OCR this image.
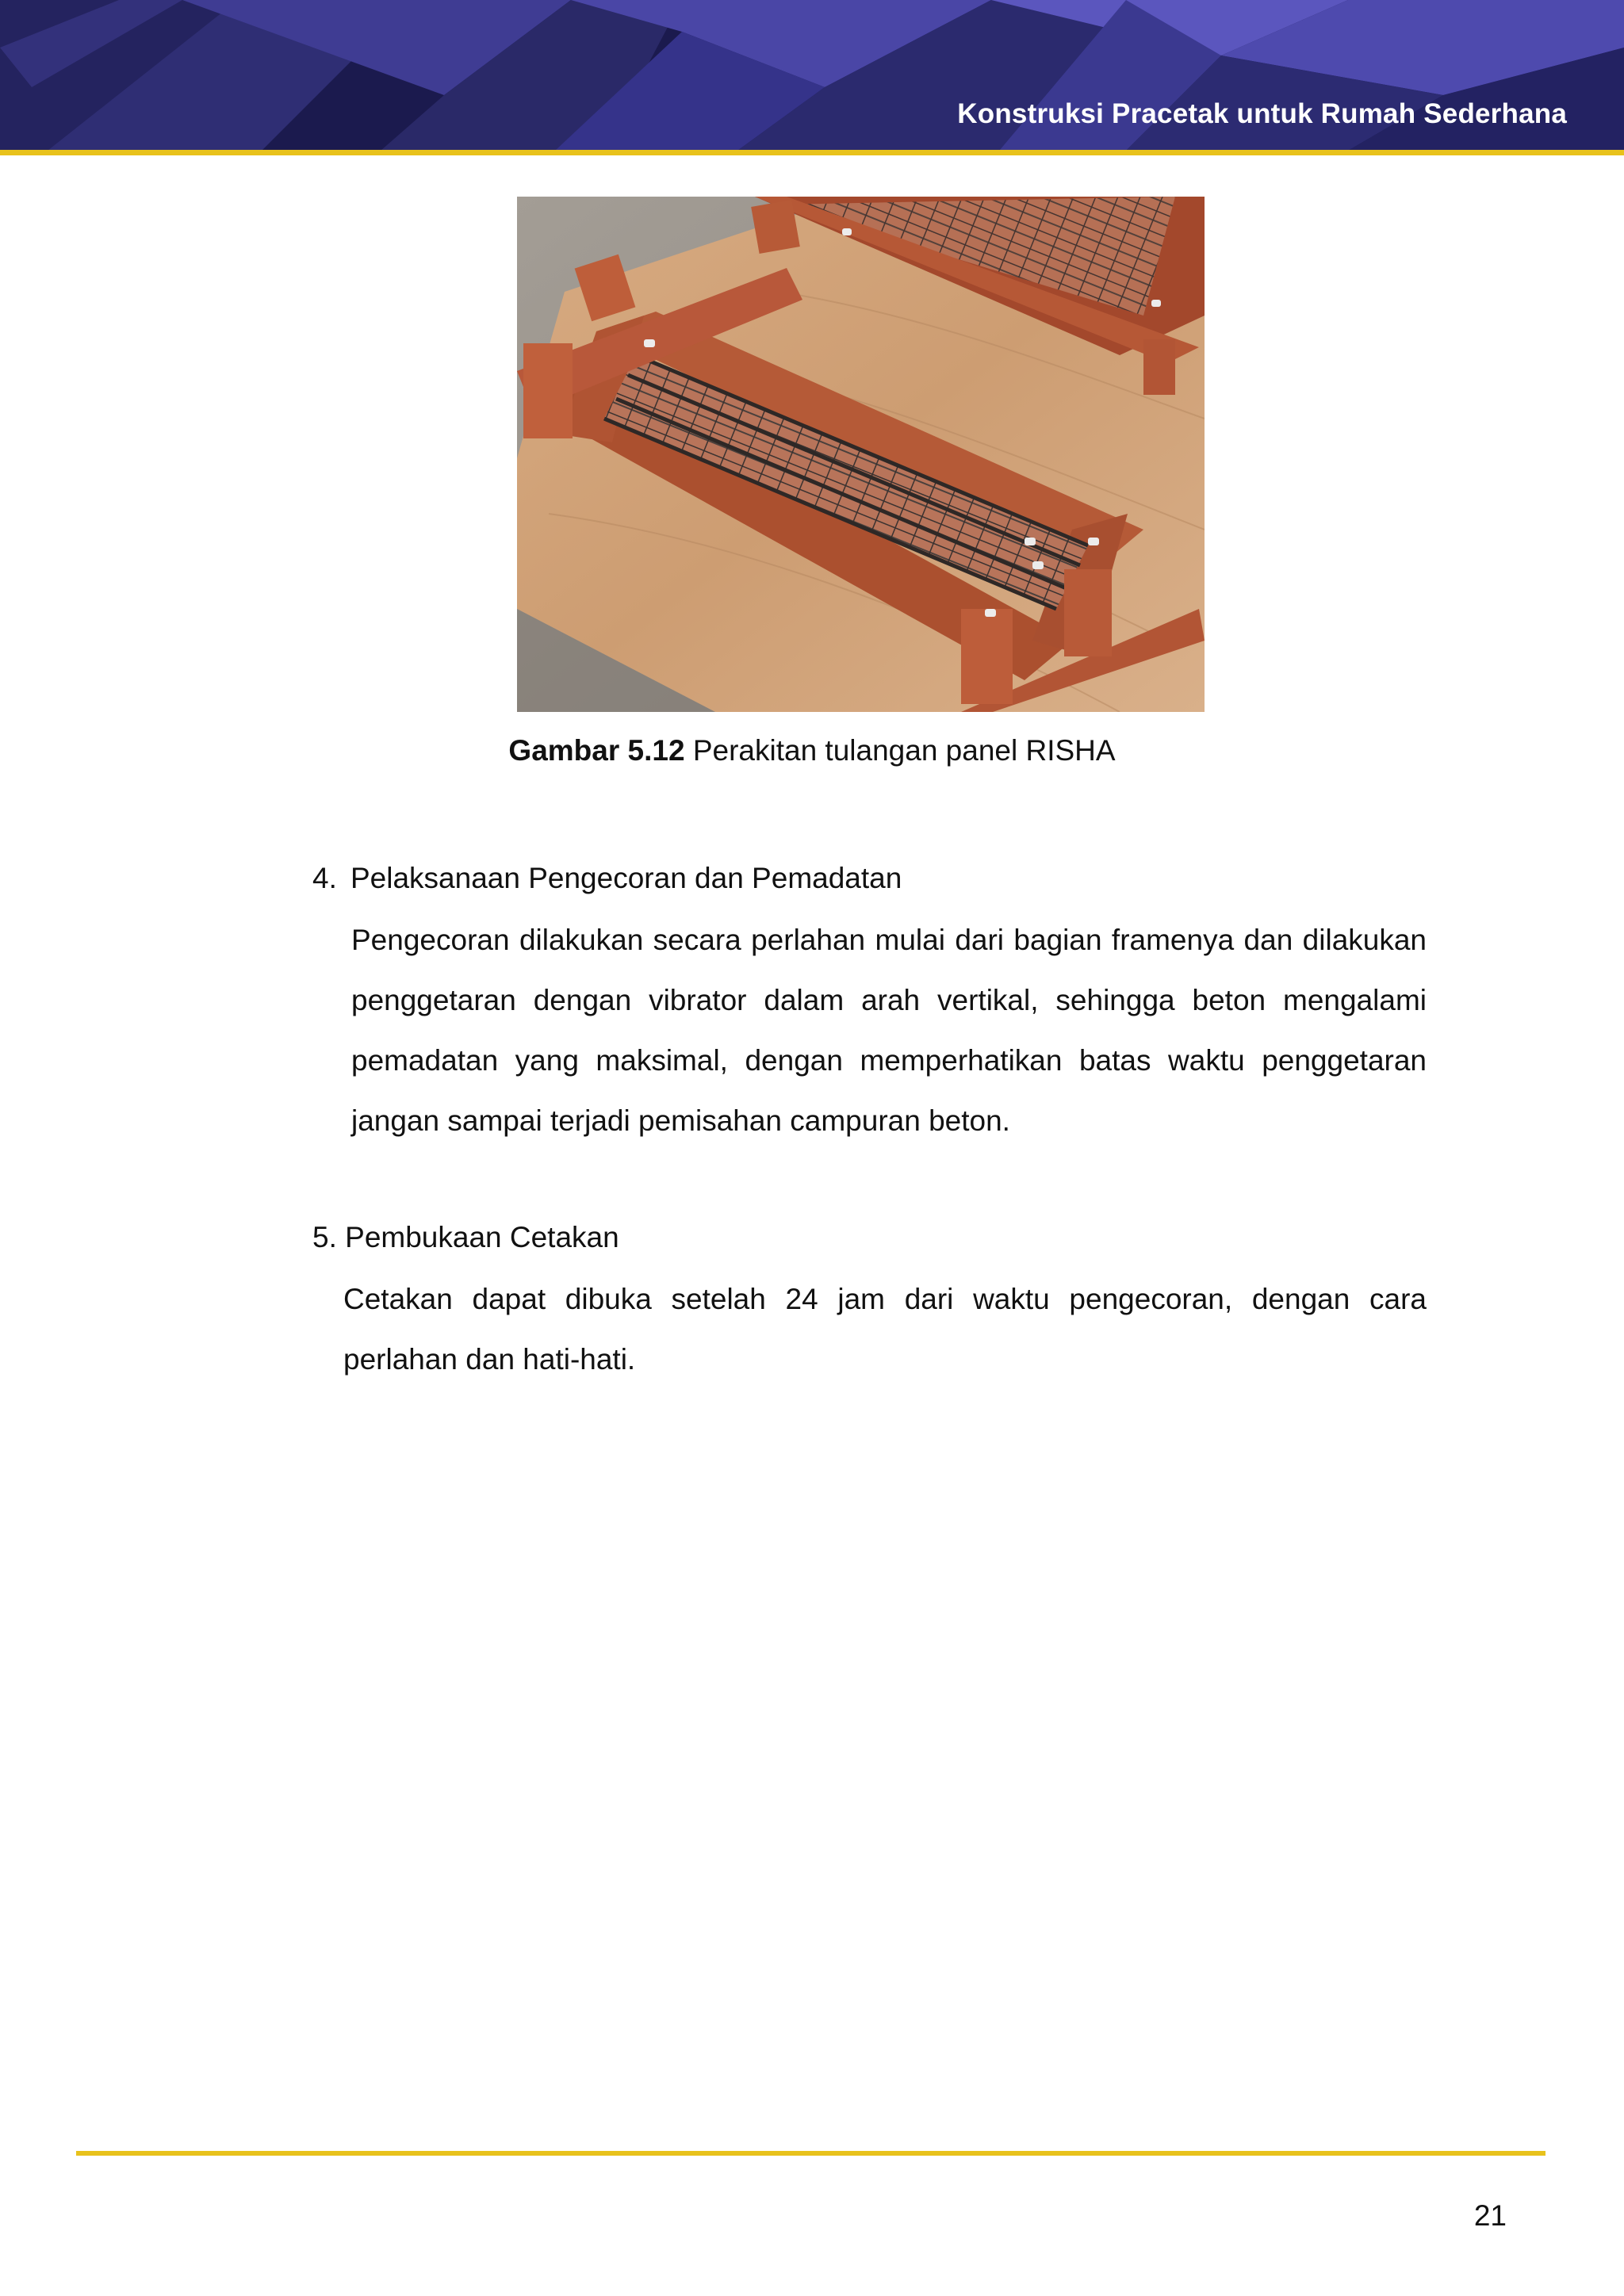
Konstruksi Pracetak untuk Rumah Sederhana
Gambar 5.12 Perakitan tulangan panel RISHA
4. Pelaksanaan Pengecoran dan Pemadatan
Pengecoran dilakukan secara perlahan mulai dari bagian framenya dan dilakukan penggetaran dengan vibrator dalam arah vertikal, sehingga beton mengalami pemadatan yang maksimal, dengan memperhatikan batas waktu penggetaran jangan sampai terjadi pemisahan campuran beton.
5. Pembukaan Cetakan
Cetakan dapat dibuka setelah 24 jam dari waktu pengecoran, dengan cara perlahan dan hati-hati.
21
